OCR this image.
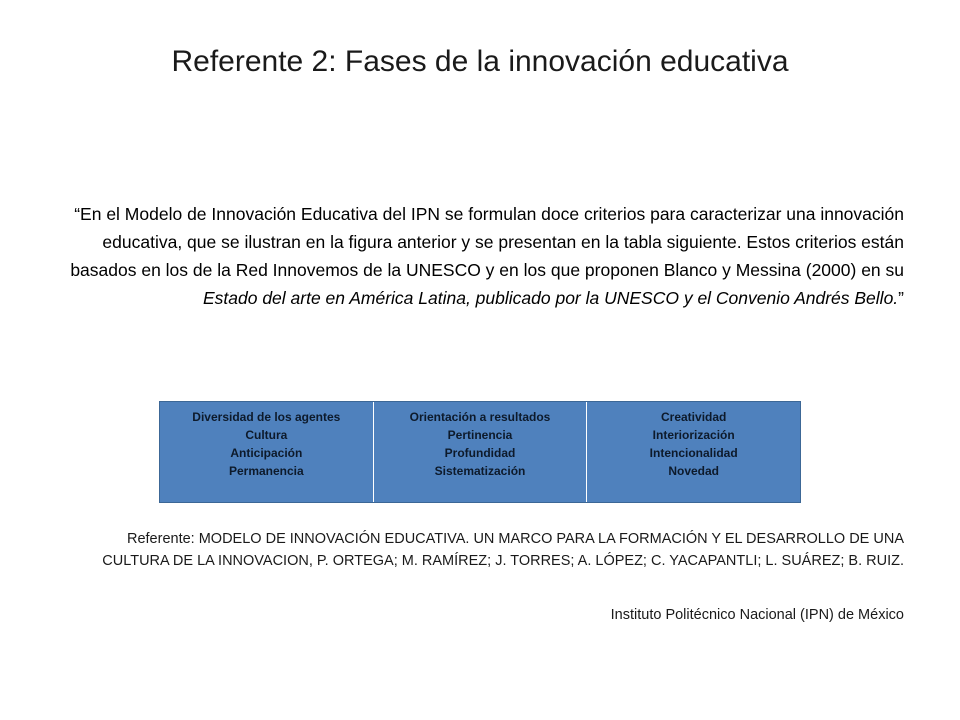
Referente 2: Fases de la innovación educativa
“En el Modelo de Innovación Educativa del IPN se formulan doce criterios para caracterizar una innovación educativa, que se ilustran en la figura anterior y se presentan en la tabla siguiente. Estos criterios están basados en los de la Red Innovemos de la UNESCO y en los que proponen Blanco y Messina (2000) en su Estado del arte en América Latina, publicado por la UNESCO y el Convenio Andrés Bello.”
Diversidad de los agentes
Cultura
Anticipación
Permanencia
Orientación a resultados
Pertinencia
Profundidad
Sistematización
Creatividad
Interiorización
Intencionalidad
Novedad
Referente: MODELO DE INNOVACIÓN EDUCATIVA. UN MARCO PARA LA FORMACIÓN Y EL DESARROLLO DE UNA CULTURA DE LA INNOVACION, P. ORTEGA; M. RAMÍREZ; J. TORRES; A. LÓPEZ; C. YACAPANTLI; L. SUÁREZ; B. RUIZ.
Instituto Politécnico Nacional (IPN) de México
